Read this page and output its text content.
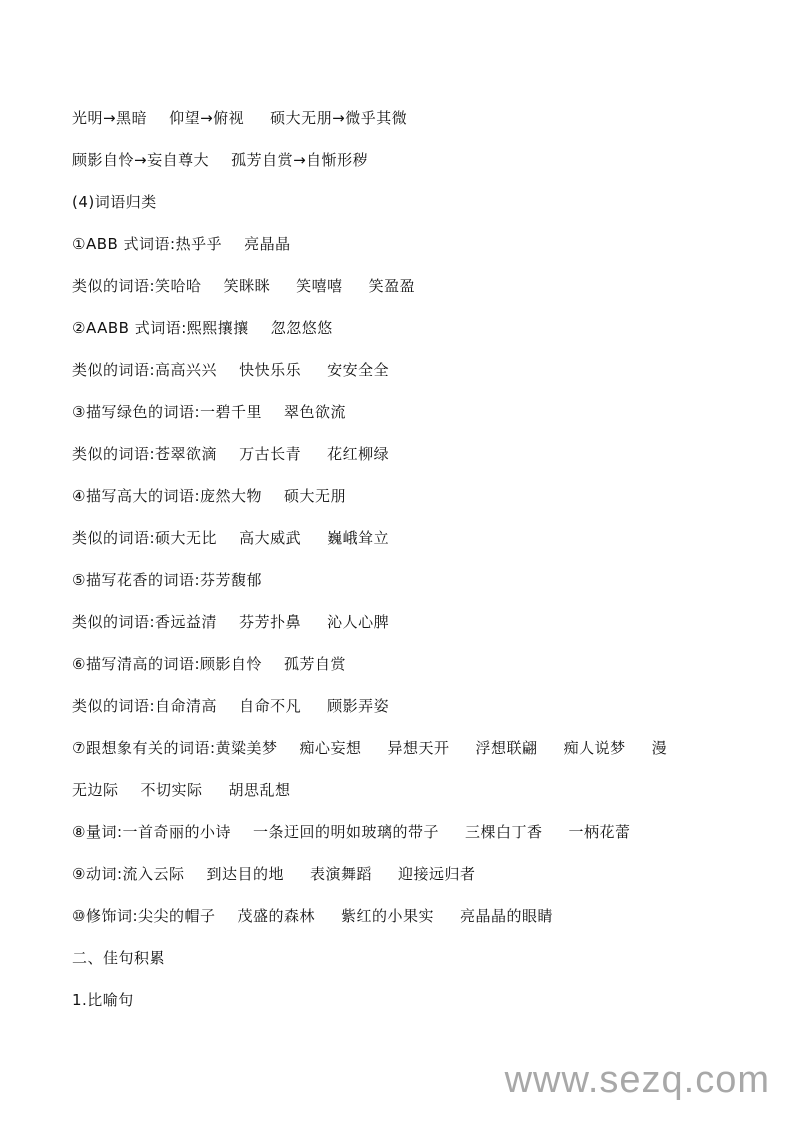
光明→黑暗 仰望→俯视 硕大无朋→微乎其微
顾影自怜→妄自尊大 孤芳自赏→自惭形秽
(4)词语归类
①ABB 式词语:热乎乎 亮晶晶
类似的词语:笑哈哈 笑眯眯 笑嘻嘻 笑盈盈
②AABB 式词语:熙熙攘攘 忽忽悠悠
类似的词语:高高兴兴 快快乐乐 安安全全
③描写绿色的词语:一碧千里 翠色欲流
类似的词语:苍翠欲滴 万古长青 花红柳绿
④描写高大的词语:庞然大物 硕大无朋
类似的词语:硕大无比 高大威武 巍峨耸立
⑤描写花香的词语:芬芳馥郁
类似的词语:香远益清 芬芳扑鼻 沁人心脾
⑥描写清高的词语:顾影自怜 孤芳自赏
类似的词语:自命清高 自命不凡 顾影弄姿
⑦跟想象有关的词语:黄粱美梦 痴心妄想 异想天开 浮想联翩 痴人说梦 漫
无边际 不切实际 胡思乱想
⑧量词:一首奇丽的小诗 一条迂回的明如玻璃的带子 三棵白丁香 一柄花蕾
⑨动词:流入云际 到达目的地 表演舞蹈 迎接远归者
⑩修饰词:尖尖的帽子 茂盛的森林 紫红的小果实 亮晶晶的眼睛
二、佳句积累
1.比喻句
www.sezq.com
